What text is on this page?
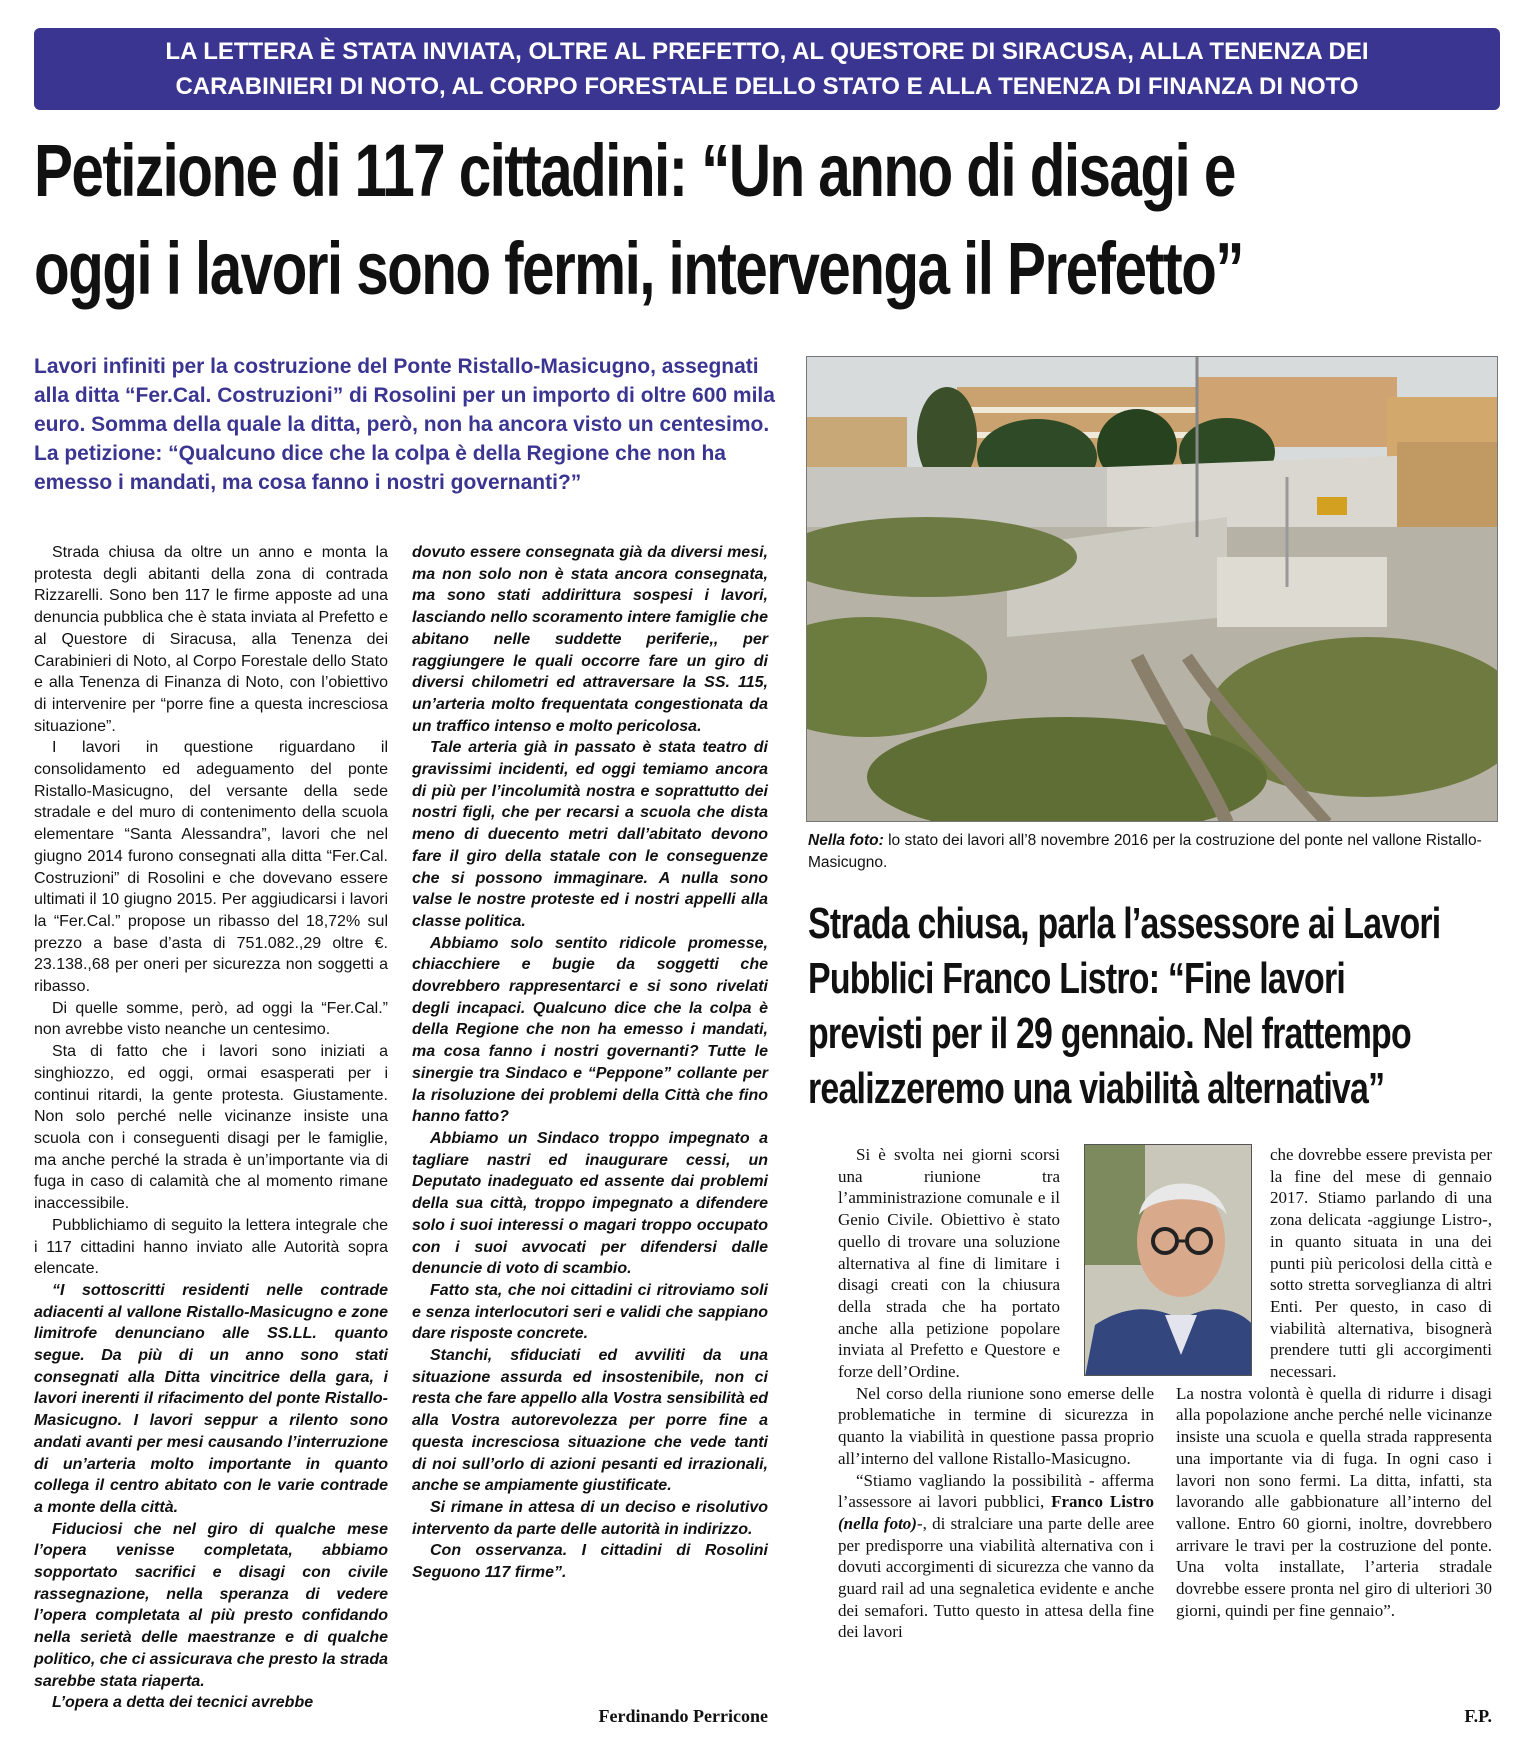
LA LETTERA È STATA INVIATA, OLTRE AL PREFETTO, AL QUESTORE DI SIRACUSA, ALLA TENENZA DEI
CARABINIERI DI NOTO, AL CORPO FORESTALE DELLO STATO E ALLA TENENZA DI FINANZA DI NOTO
Petizione di 117 cittadini: “Un anno di disagi e
oggi i lavori sono fermi, intervenga il Prefetto”

Lavori infiniti per la costruzione del Ponte Ristallo-Masicugno, assegnati alla ditta “Fer.Cal. Costruzioni” di Rosolini per un importo di oltre 600 mila euro. Somma della quale la ditta, però, non ha ancora visto un centesimo.

La petizione: “Qualcuno dice che la colpa è della Regione che non ha emesso i mandati, ma cosa fanno i nostri governanti?”

Nella foto: lo stato dei lavori all’8 novembre 2016 per la costruzione del ponte nel vallone Ristallo-Masicugno.

Strada chiusa da oltre un anno e monta la protesta degli abitanti della zona di contrada Rizzarelli. Sono ben 117 le firme apposte ad una denuncia pubblica che è stata inviata al Prefetto e al Questore di Siracusa, alla Tenenza dei Carabinieri di Noto, al Corpo Forestale dello Stato e alla Tenenza di Finanza di Noto, con l’obiettivo di intervenire per “porre fine a questa incresciosa situazione”.

I lavori in questione riguardano il consolidamento ed adeguamento del ponte Ristallo-Masicugno, del versante della sede stradale e del muro di contenimento della scuola elementare “Santa Alessandra”, lavori che nel giugno 2014 furono consegnati alla ditta “Fer.Cal. Costruzioni” di Rosolini e che dovevano essere ultimati il 10 giugno 2015. Per aggiudicarsi i lavori la “Fer.Cal.” propose un ribasso del 18,72% sul prezzo a base d’asta di 751.082.,29 oltre €. 23.138.,68 per oneri per sicurezza non soggetti a ribasso.

Di quelle somme, però, ad oggi la “Fer.Cal.” non avrebbe visto neanche un centesimo.

Sta di fatto che i lavori sono iniziati a singhiozzo, ed oggi, ormai esasperati per i continui ritardi, la gente protesta. Giustamente. Non solo perché nelle vicinanze insiste una scuola con i conseguenti disagi per le famiglie, ma anche perché la strada è un’importante via di fuga in caso di calamità che al momento rimane inaccessibile.

Pubblichiamo di seguito la lettera integrale che i 117 cittadini hanno inviato alle Autorità sopra elencate.

“I sottoscritti residenti nelle contrade adiacenti al vallone Ristallo-Masicugno e zone limitrofe denunciano alle SS.LL. quanto segue. Da più di un anno sono stati consegnati alla Ditta vincitrice della gara, i lavori inerenti il rifacimento del ponte Ristallo-Masicugno. I lavori seppur a rilento sono andati avanti per mesi causando l’interruzione di un’arteria molto importante in quanto collega il centro abitato con le varie contrade a monte della città.

Fiduciosi che nel giro di qualche mese l’opera venisse completata, abbiamo sopportato sacrifici e disagi con civile rassegnazione, nella speranza di vedere l’opera completata al più presto confidando nella serietà delle maestranze e di qualche politico, che ci assicurava che presto la strada sarebbe stata riaperta.

L’opera a detta dei tecnici avrebbe

dovuto essere consegnata già da diversi mesi, ma non solo non è stata ancora consegnata, ma sono stati addirittura sospesi i lavori, lasciando nello scoramento intere famiglie che abitano nelle suddette periferie,, per raggiungere le quali occorre fare un giro di diversi chilometri ed attraversare la SS. 115, un’arteria molto frequentata congestionata da un traffico intenso e molto pericolosa.

Tale arteria già in passato è stata teatro di gravissimi incidenti, ed oggi temiamo ancora di più per l’incolumità nostra e soprattutto dei nostri figli, che per recarsi a scuola che dista meno di duecento metri dall’abitato devono fare il giro della statale con le conseguenze che si possono immaginare. A nulla sono valse le nostre proteste ed i nostri appelli alla classe politica.

Abbiamo solo sentito ridicole promesse, chiacchiere e bugie da soggetti che dovrebbero rappresentarci e si sono rivelati degli incapaci. Qualcuno dice che la colpa è della Regione che non ha emesso i mandati, ma cosa fanno i nostri governanti? Tutte le sinergie tra Sindaco e “Peppone” collante per la risoluzione dei problemi della Città che fino hanno fatto?

Abbiamo un Sindaco troppo impegnato a tagliare nastri ed inaugurare cessi, un Deputato inadeguato ed assente dai problemi della sua città, troppo impegnato a difendere solo i suoi interessi o magari troppo occupato con i suoi avvocati per difendersi dalle denuncie di voto di scambio.

Fatto sta, che noi cittadini ci ritroviamo soli e senza interlocutori seri e validi che sappiano dare risposte concrete.

Stanchi, sfiduciati ed avviliti da una situazione assurda ed insostenibile, non ci resta che fare appello alla Vostra sensibilità ed alla Vostra autorevolezza per porre fine a questa incresciosa situazione che vede tanti di noi sull’orlo di azioni pesanti ed irrazionali, anche se ampiamente giustificate.

Si rimane in attesa di un deciso e risolutivo intervento da parte delle autorità in indirizzo.

Con osservanza. I cittadini di Rosolini Seguono 117 firme”.

Ferdinando Perricone
Strada chiusa, parla l’assessore ai Lavori
Pubblici Franco Listro: “Fine lavori
previsti per il 29 gennaio. Nel frattempo
realizzeremo una viabilità alternativa”

Si è svolta nei giorni scorsi una riunione tra l’amministrazione comunale e il Genio Civile. Obiettivo è stato quello di trovare una soluzione alternativa al fine di limitare i disagi creati con la chiusura della strada che ha portato anche alla petizione popolare inviata al Prefetto e Questore e forze dell’Ordine.

Nel corso della riunione sono emerse delle problematiche in termine di sicurezza in quanto la viabilità in questione passa proprio all’interno del vallone Ristallo-Masicugno.

“Stiamo vagliando la possibilità - afferma l’assessore ai lavori pubblici, Franco Listro (nella foto)-, di stralciare una parte delle aree per predisporre una viabilità alternativa con i dovuti accorgimenti di sicurezza che vanno da guard rail ad una segnaletica evidente e anche dei semafori. Tutto questo in attesa della fine dei lavori

che dovrebbe essere prevista per la fine del mese di gennaio 2017. Stiamo parlando di una zona delicata -aggiunge Listro-, in quanto situata in una dei punti più pericolosi della città e sotto stretta sorveglianza di altri Enti. Per questo, in caso di viabilità alternativa, bisognerà prendere tutti gli accorgimenti necessari.

La nostra volontà è quella di ridurre i disagi alla popolazione anche perché nelle vicinanze insiste una scuola e quella strada rappresenta una importante via di fuga. In ogni caso i lavori non sono fermi. La ditta, infatti, sta lavorando alle gabbionature all’interno del vallone. Entro 60 giorni, inoltre, dovrebbero arrivare le travi per la costruzione del ponte. Una volta installate, l’arteria stradale dovrebbe essere pronta nel giro di ulteriori 30 giorni, quindi per fine gennaio”.

F.P.
